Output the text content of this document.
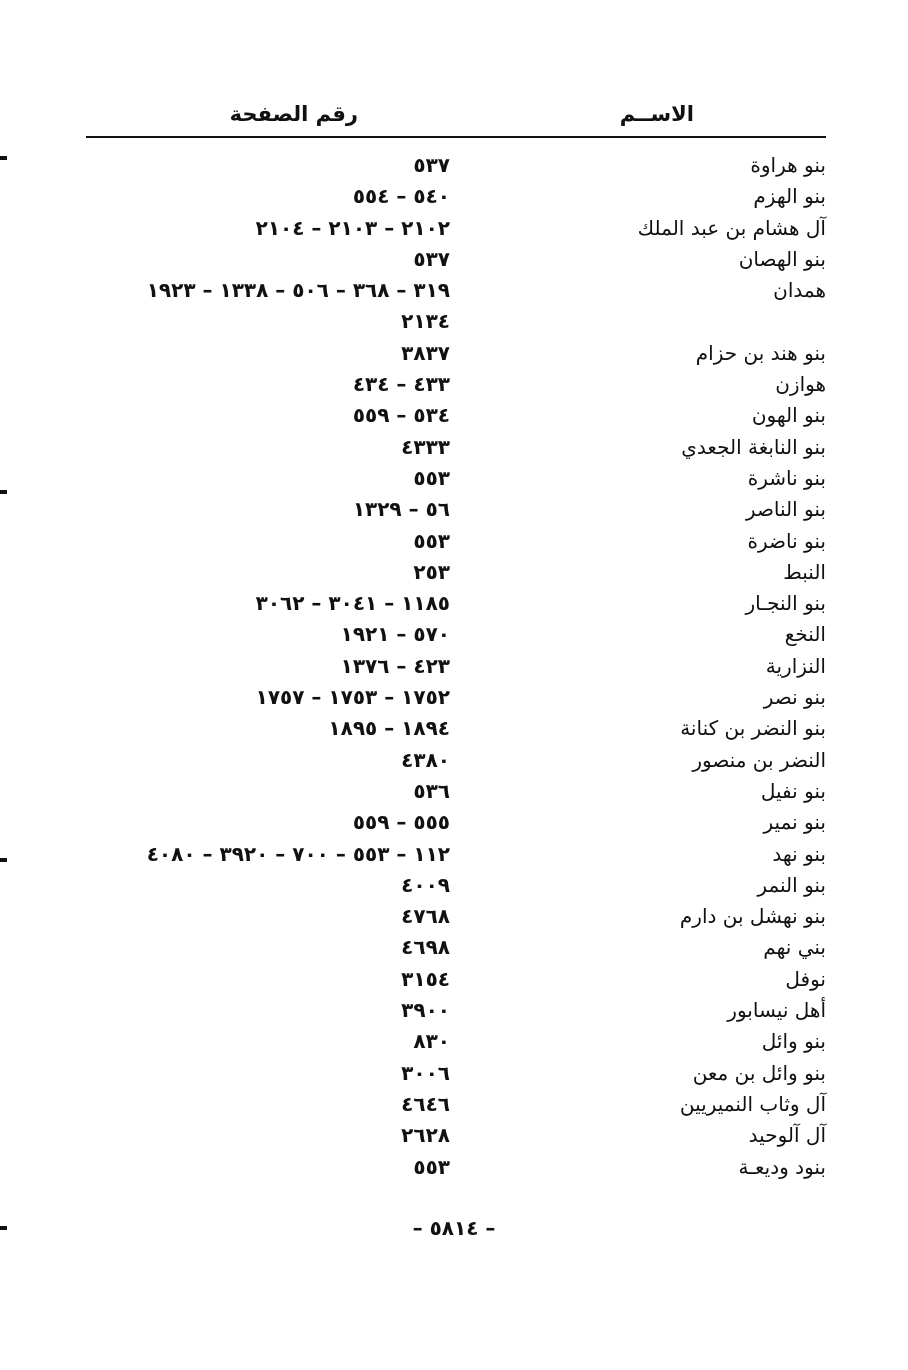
الاســم
رقم الصفحة
بنو هراوة
٥٣٧
بنو الهزم
٥٤٠ – ٥٥٤
آل هشام بن عبد الملك
٢١٠٢ – ٢١٠٣ – ٢١٠٤
بنو الهصان
٥٣٧
همدان
٣١٩ – ٣٦٨ – ٥٠٦ – ١٣٣٨ – ١٩٢٣
٢١٣٤
بنو هند بن حزام
٣٨٣٧
هوازن
٤٣٣ – ٤٣٤
بنو الهون
٥٣٤ – ٥٥٩
بنو النابغة الجعدي
٤٣٣٣
بنو ناشرة
٥٥٣
بنو الناصر
٥٦ – ١٣٢٩
بنو ناضرة
٥٥٣
النبط
٢٥٣
بنو النجـار
١١٨٥ – ٣٠٤١ – ٣٠٦٢
النخع
٥٧٠ – ١٩٢١
النزارية
٤٢٣ – ١٣٧٦
بنو نصر
١٧٥٢ – ١٧٥٣ – ١٧٥٧
بنو النضر بن كنانة
١٨٩٤ – ١٨٩٥
النضر بن منصور
٤٣٨٠
بنو نفيل
٥٣٦
بنو نمير
٥٥٥ – ٥٥٩
بنو نهد
١١٢ – ٥٥٣ – ٧٠٠ – ٣٩٢٠ – ٤٠٨٠
بنو النمر
٤٠٠٩
بنو نهشل بن دارم
٤٧٦٨
بني نهم
٤٦٩٨
نوفل
٣١٥٤
أهل نيسابور
٣٩٠٠
بنو وائل
٨٣٠
بنو وائل بن معن
٣٠٠٦
آل وثاب النميريين
٤٦٤٦
آل آلوحيد
٢٦٢٨
بنود وديعـة
٥٥٣
– ٥٨١٤ –
